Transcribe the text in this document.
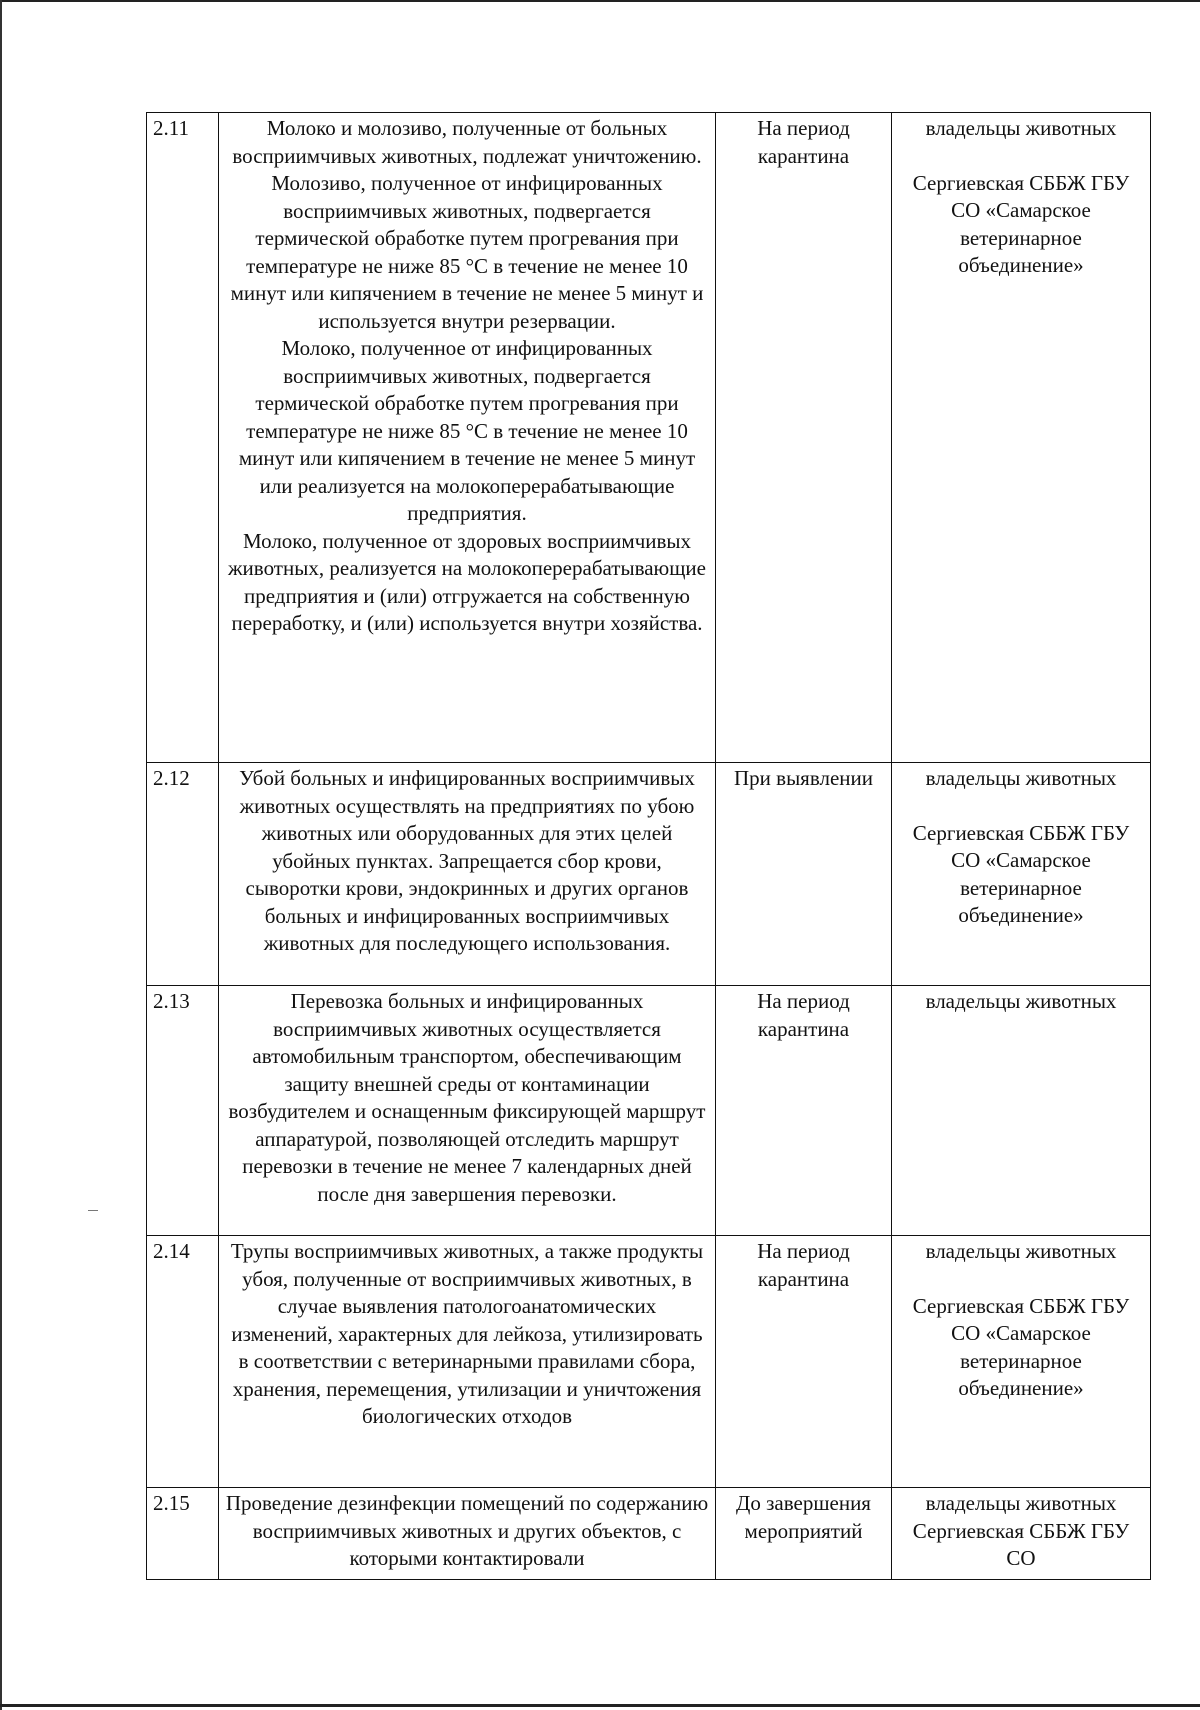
2.11	Молоко и молозиво, полученные от больных восприимчивых животных, подлежат уничтожению. Молозиво, полученное от инфицированных восприимчивых животных, подвергается термической обработке путем прогревания при температуре не ниже 85 °С в течение не менее 10 минут или кипячением в течение не менее 5 минут и используется внутри резервации.
Молоко, полученное от инфицированных восприимчивых животных, подвергается термической обработке путем прогревания при температуре не ниже 85 °С в течение не менее 10 минут или кипячением в течение не менее 5 минут или реализуется на молокоперерабатывающие предприятия.
Молоко, полученное от здоровых восприимчивых животных, реализуется на молокоперерабатывающие предприятия и (или) отгружается на собственную переработку, и (или) используется внутри хозяйства.	На период карантина	владельцы животных
Сергиевская СББЖ ГБУ СО «Самарское ветеринарное объединение»

2.12	Убой больных и инфицированных восприимчивых животных осуществлять на предприятиях по убою животных или оборудованных для этих целей убойных пунктах. Запрещается сбор крови, сыворотки крови, эндокринных и других органов больных и инфицированных восприимчивых животных для последующего использования.	При выявлении	владельцы животных
Сергиевская СББЖ ГБУ СО «Самарское ветеринарное объединение»

2.13	Перевозка больных и инфицированных восприимчивых животных осуществляется автомобильным транспортом, обеспечивающим защиту внешней среды от контаминации возбудителем и оснащенным фиксирующей маршрут аппаратурой, позволяющей отследить маршрут перевозки в течение не менее 7 календарных дней после дня завершения перевозки.	На период карантина	владельцы животных

2.14	Трупы восприимчивых животных, а также продукты убоя, полученные от восприимчивых животных, в случае выявления патологоанатомических изменений, характерных для лейкоза, утилизировать в соответствии с ветеринарными правилами сбора, хранения, перемещения, утилизации и уничтожения биологических отходов	На период карантина	владельцы животных
Сергиевская СББЖ ГБУ СО «Самарское ветеринарное объединение»

2.15	Проведение дезинфекции помещений по содержанию восприимчивых животных и других объектов, с которыми контактировали	До завершения мероприятий	владельцы животных
Сергиевская СББЖ ГБУ СО
